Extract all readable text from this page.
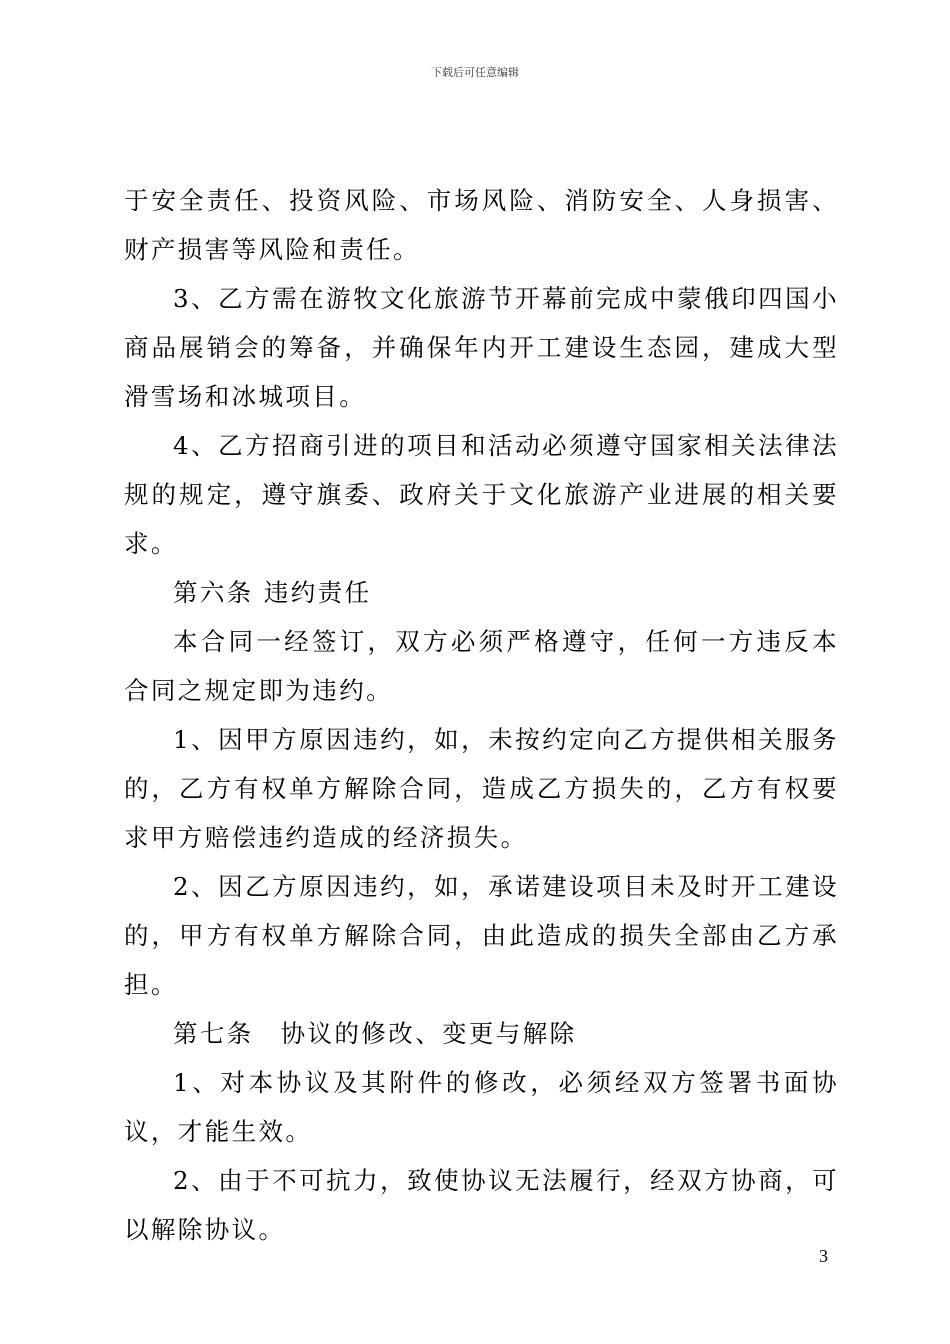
下载后可任意编辑

于安全责任、投资风险、市场风险、消防安全、人身损害、财产损害等风险和责任。

3、乙方需在游牧文化旅游节开幕前完成中蒙俄印四国小商品展销会的筹备，并确保年内开工建设生态园，建成大型滑雪场和冰城项目。

4、乙方招商引进的项目和活动必须遵守国家相关法律法规的规定，遵守旗委、政府关于文化旅游产业进展的相关要求。

第六条 违约责任

本合同一经签订，双方必须严格遵守，任何一方违反本合同之规定即为违约。

1、因甲方原因违约，如，未按约定向乙方提供相关服务的，乙方有权单方解除合同，造成乙方损失的，乙方有权要求甲方赔偿违约造成的经济损失。

2、因乙方原因违约，如，承诺建设项目未及时开工建设的，甲方有权单方解除合同，由此造成的损失全部由乙方承担。

第七条　协议的修改、变更与解除

1、对本协议及其附件的修改，必须经双方签署书面协议，才能生效。

2、由于不可抗力，致使协议无法履行，经双方协商，可以解除协议。

3
